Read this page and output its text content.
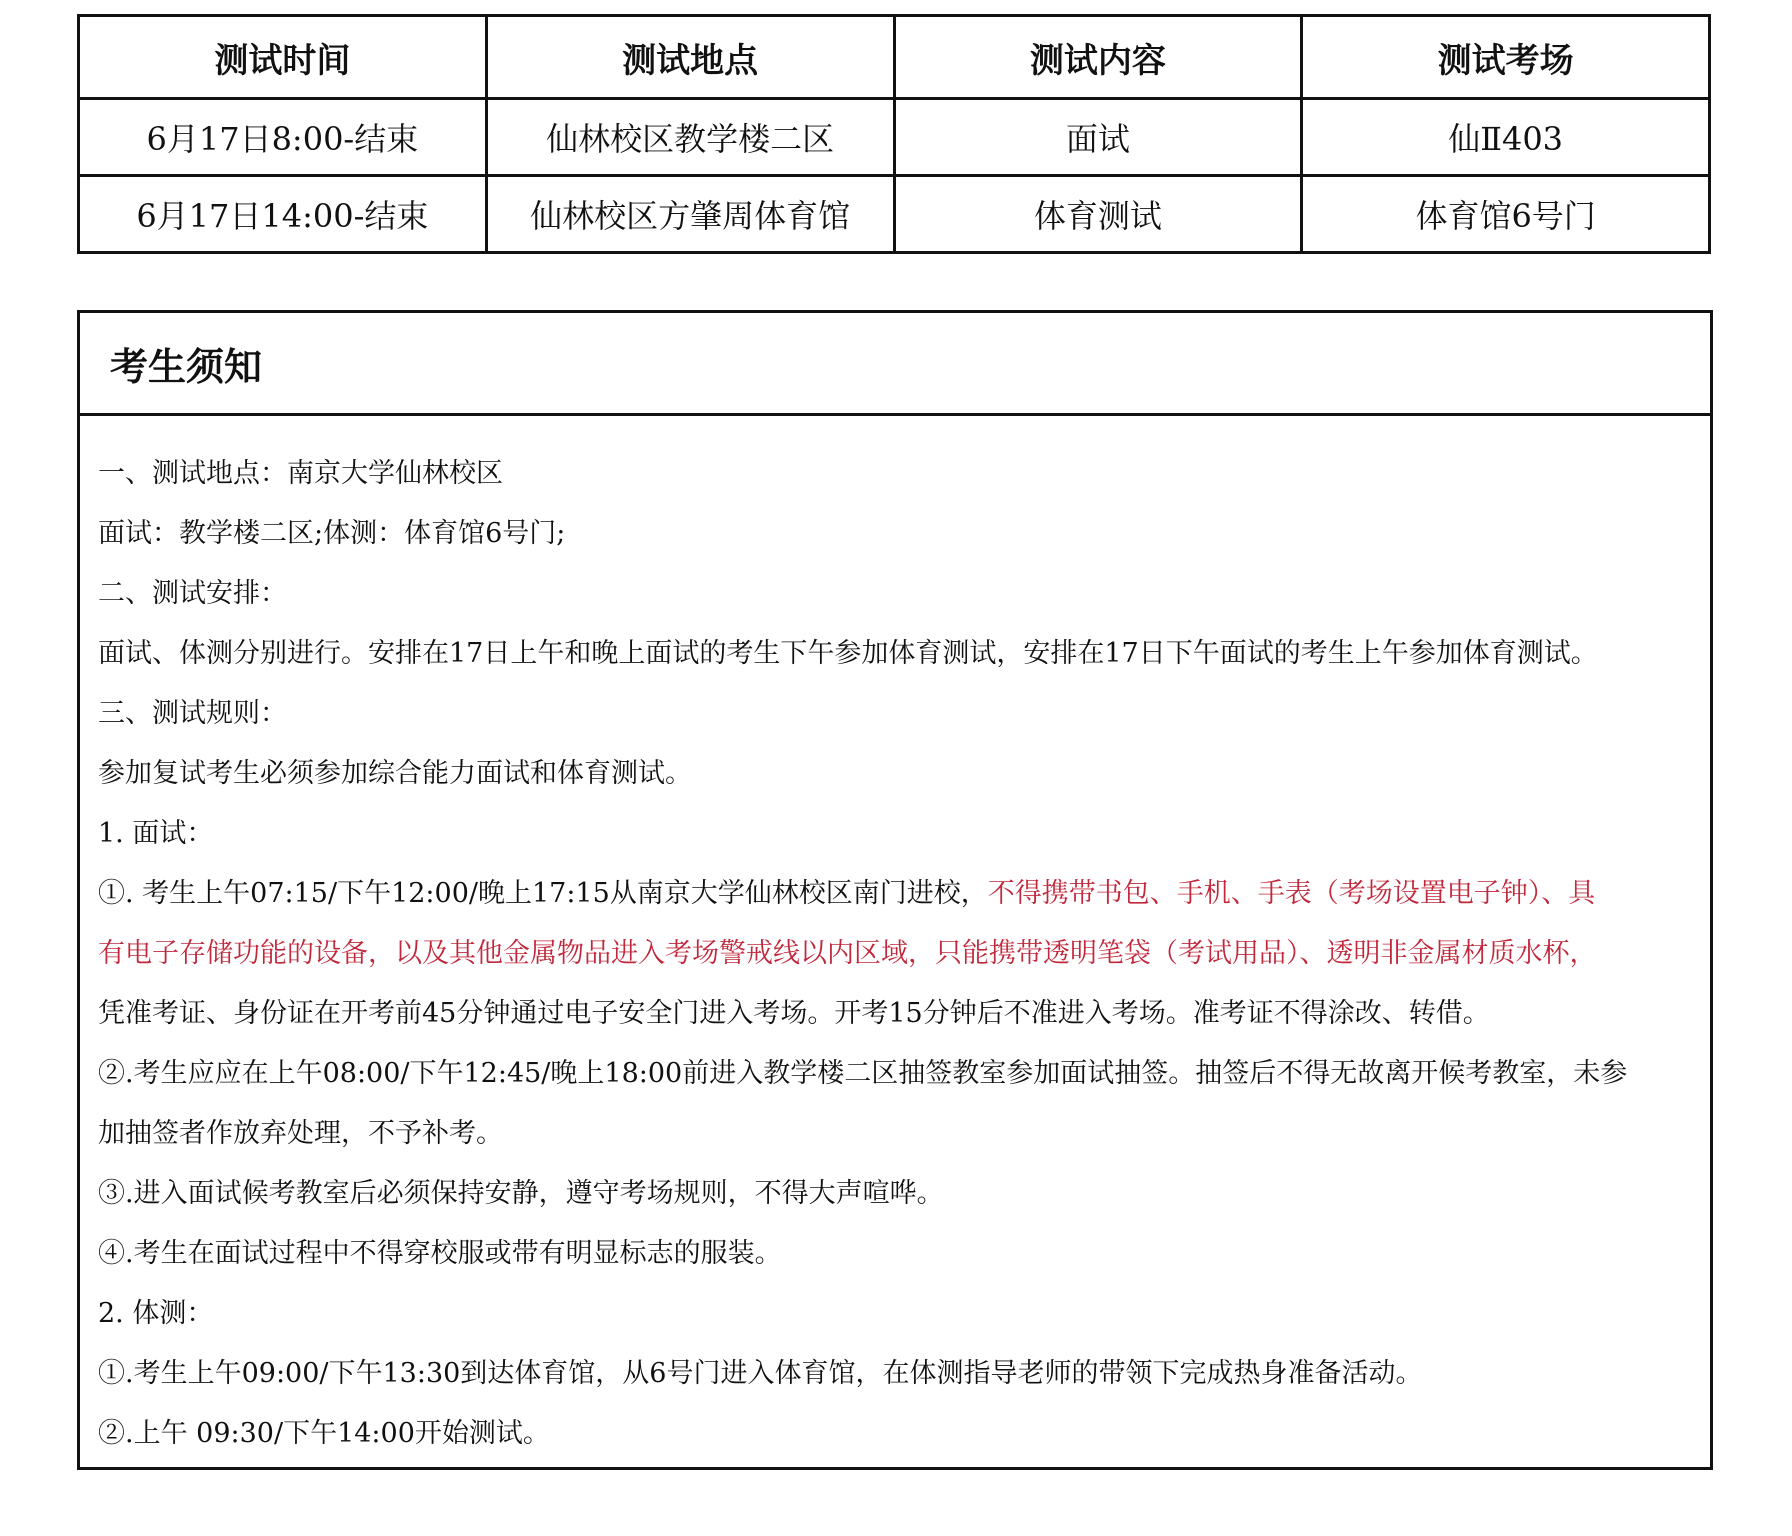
测试时间	测试地点	测试内容	测试考场
6月17日8:00-结束	仙林校区教学楼二区	面试	仙Ⅱ403
6月17日14:00-结束	仙林校区方肇周体育馆	体育测试	体育馆6号门
考生须知
一、测试地点：南京大学仙林校区
面试：教学楼二区;体测：体育馆6号门;
二、测试安排：
面试、体测分别进行。安排在17日上午和晚上面试的考生下午参加体育测试，安排在17日下午面试的考生上午参加体育测试。
三、测试规则：
参加复试考生必须参加综合能力面试和体育测试。
1. 面试：
①. 考生上午07:15/下午12:00/晚上17:15从南京大学仙林校区南门进校，不得携带书包、手机、手表（考场设置电子钟）、具
有电子存储功能的设备，以及其他金属物品进入考场警戒线以内区域，只能携带透明笔袋（考试用品）、透明非金属材质水杯，
凭准考证、身份证在开考前45分钟通过电子安全门进入考场。开考15分钟后不准进入考场。准考证不得涂改、转借。
②.考生应应在上午08:00/下午12:45/晚上18:00前进入教学楼二区抽签教室参加面试抽签。抽签后不得无故离开候考教室，未参
加抽签者作放弃处理，不予补考。
③.进入面试候考教室后必须保持安静，遵守考场规则，不得大声喧哗。
④.考生在面试过程中不得穿校服或带有明显标志的服装。
2. 体测：
①.考生上午09:00/下午13:30到达体育馆，从6号门进入体育馆，在体测指导老师的带领下完成热身准备活动。
②.上午 09:30/下午14:00开始测试。
